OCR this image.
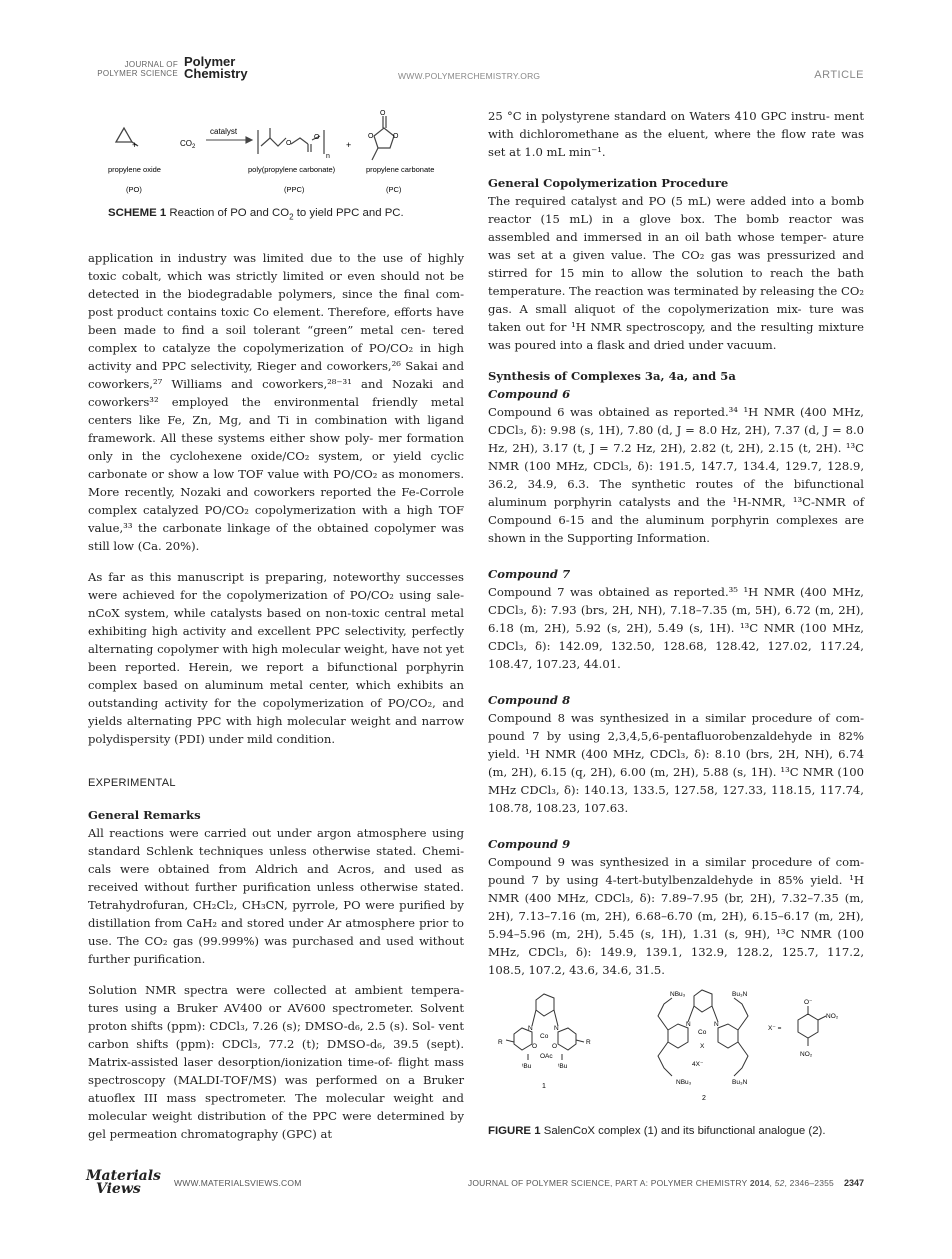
JOURNAL OF
POLYMER SCIENCE
Polymer
Chemistry	WWW.POLYMERCHEMISTRY.ORG	ARTICLE
+	$CO_2$
catalyst
O
O
n
+
O
O	O
propylene oxide
(PO)
poly(propylene carbonate)
(PPC)
propylene carbonate
(PC)
SCHEME 1 Reaction of PO and $CO_2$ to yield PPC and PC.

application in industry was limited due to the use of highly toxic cobalt, which was strictly limited or even should not be detected in the biodegradable polymers, since the final com- post product contains toxic Co element. Therefore, efforts have been made to find a soil tolerant “green” metal cen- tered complex to catalyze the copolymerization of PO/CO₂ in high activity and PPC selectivity, Rieger and coworkers,²⁶ Sakai and coworkers,²⁷ Williams and coworkers,²⁸⁻³¹ and Nozaki and coworkers³² employed the environmental friendly metal centers like Fe, Zn, Mg, and Ti in combination with ligand framework. All these systems either show poly- mer formation only in the cyclohexene oxide/CO₂ system, or yield cyclic carbonate or show a low TOF value with PO/CO₂ as monomers. More recently, Nozaki and coworkers reported the Fe-Corrole complex catalyzed PO/CO₂ copolymerization with a high TOF value,³³ the carbonate linkage of the obtained copolymer was still low (Ca. 20%).

As far as this manuscript is preparing, noteworthy successes were achieved for the copolymerization of PO/CO₂ using sale- nCoX system, while catalysts based on non-toxic central metal exhibiting high activity and excellent PPC selectivity, perfectly alternating copolymer with high molecular weight, have not yet been reported. Herein, we report a bifunctional porphyrin complex based on aluminum metal center, which exhibits an outstanding activity for the copolymerization of PO/CO₂, and yields alternating PPC with high molecular weight and narrow polydispersity (PDI) under mild condition.

EXPERIMENTAL
General Remarks

All reactions were carried out under argon atmosphere using standard Schlenk techniques unless otherwise stated. Chemi- cals were obtained from Aldrich and Acros, and used as received without further purification unless otherwise stated. Tetrahydrofuran, CH₂Cl₂, CH₃CN, pyrrole, PO were purified by distillation from CaH₂ and stored under Ar atmosphere prior to use. The CO₂ gas (99.999%) was purchased and used without further purification.

Solution NMR spectra were collected at ambient tempera- tures using a Bruker AV400 or AV600 spectrometer. Solvent proton shifts (ppm): CDCl₃, 7.26 (s); DMSO-d₆, 2.5 (s). Sol- vent carbon shifts (ppm): CDCl₃, 77.2 (t); DMSO-d₆, 39.5 (sept). Matrix-assisted laser desorption/ionization time-of- flight mass spectroscopy (MALDI-TOF/MS) was performed on a Bruker atuoflex III mass spectrometer. The molecular weight and molecular weight distribution of the PPC were determined by gel permeation chromatography (GPC) at

25 °C in polystyrene standard on Waters 410 GPC instru- ment with dichloromethane as the eluent, where the flow rate was set at 1.0 mL min⁻¹.

General Copolymerization Procedure

The required catalyst and PO (5 mL) were added into a bomb reactor (15 mL) in a glove box. The bomb reactor was assembled and immersed in an oil bath whose temper- ature was set at a given value. The CO₂ gas was pressurized and stirred for 15 min to allow the solution to reach the bath temperature. The reaction was terminated by releasing the CO₂ gas. A small aliquot of the copolymerization mix- ture was taken out for ¹H NMR spectroscopy, and the resulting mixture was poured into a flask and dried under vacuum.

Synthesis of Complexes 3a, 4a, and 5a
Compound 6

Compound 6 was obtained as reported.³⁴ ¹H NMR (400 MHz, CDCl₃, δ): 9.98 (s, 1H), 7.80 (d, J = 8.0 Hz, 2H), 7.37 (d, J = 8.0 Hz, 2H), 3.17 (t, J = 7.2 Hz, 2H), 2.82 (t, 2H), 2.15 (t, 2H). ¹³C NMR (100 MHz, CDCl₃, δ): 191.5, 147.7, 134.4, 129.7, 128.9, 36.2, 34.9, 6.3. The synthetic routes of the bifunctional aluminum porphyrin catalysts and the ¹H-NMR, ¹³C-NMR of Compound 6-15 and the aluminum porphyrin complexes are shown in the Supporting Information.

Compound 7

Compound 7 was obtained as reported.³⁵ ¹H NMR (400 MHz, CDCl₃, δ): 7.93 (brs, 2H, NH), 7.18–7.35 (m, 5H), 6.72 (m, 2H), 6.18 (m, 2H), 5.92 (s, 2H), 5.49 (s, 1H). ¹³C NMR (100 MHz, CDCl₃, δ): 142.09, 132.50, 128.68, 128.42, 127.02, 117.24, 108.47, 107.23, 44.01.

Compound 8

Compound 8 was synthesized in a similar procedure of com- pound 7 by using 2,3,4,5,6-pentafluorobenzaldehyde in 82% yield. ¹H NMR (400 MHz, CDCl₃, δ): 8.10 (brs, 2H, NH), 6.74 (m, 2H), 6.15 (q, 2H), 6.00 (m, 2H), 5.88 (s, 1H). ¹³C NMR (100 MHz CDCl₃, δ): 140.13, 133.5, 127.58, 127.33, 118.15, 117.74, 108.78, 108.23, 107.63.

Compound 9

Compound 9 was synthesized in a similar procedure of com- pound 7 by using 4-tert-butylbenzaldehyde in 85% yield. ¹H NMR (400 MHz, CDCl₃, δ): 7.89–7.95 (br, 2H), 7.32–7.35 (m, 2H), 7.13–7.16 (m, 2H), 6.68–6.70 (m, 2H), 6.15–6.17 (m, 2H), 5.94–5.96 (m, 2H), 5.45 (s, 1H), 1.31 (s, 9H), ¹³C NMR (100 MHz, CDCl₃, δ): 149.9, 139.1, 132.9, 128.2, 125.7, 117.2, 108.5, 107.2, 43.6, 34.6, 31.5.

N	N
Co
O O
OAc
R	R
ᵗBu	ᵗBu
1
NBu₃	Bu₃N
NBu₃	Bu₃N
N	N
Co
X
4X⁻
2
X⁻ =
O⁻
NO₂
NO₂
FIGURE 1 SalenCoX complex (1) and its bifunctional analogue (2).
Materials
Views	WWW.MATERIALSVIEWS.COM	JOURNAL OF POLYMER SCIENCE, PART A: POLYMER CHEMISTRY 2014, 52, 2346–2355 2347
